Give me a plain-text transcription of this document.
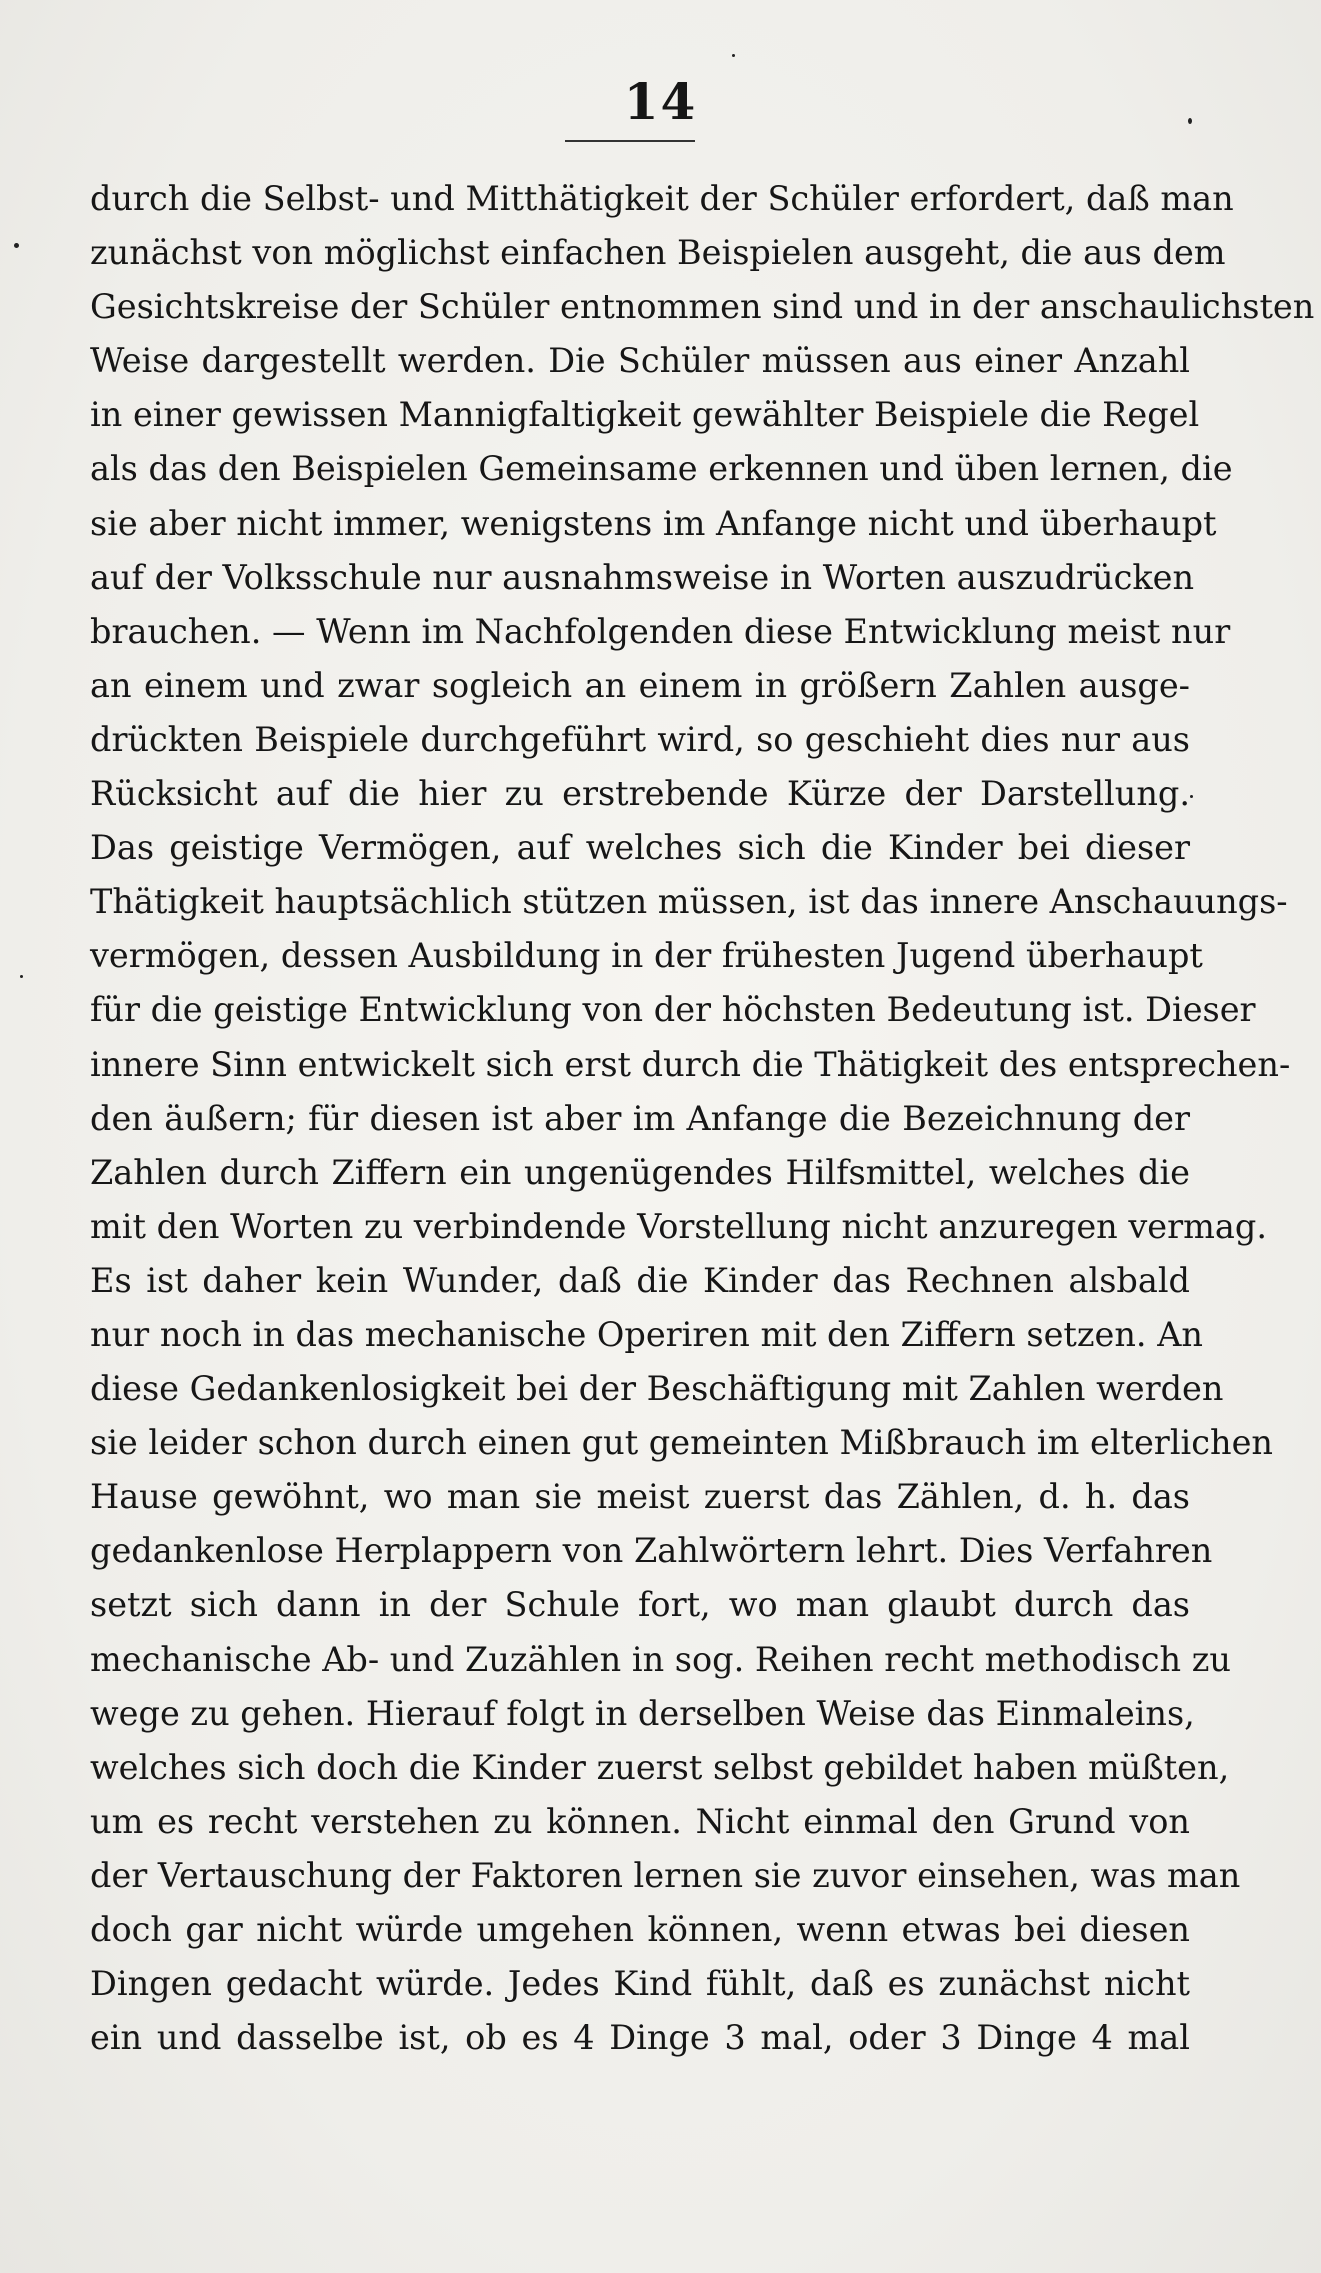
14
durch die Selbst- und Mitthätigkeit der Schüler erfordert, daß man
zunächst von möglichst einfachen Beispielen ausgeht, die aus dem
Gesichtskreise der Schüler entnommen sind und in der anschaulichsten
Weise dargestellt werden. Die Schüler müssen aus einer Anzahl
in einer gewissen Mannigfaltigkeit gewählter Beispiele die Regel
als das den Beispielen Gemeinsame erkennen und üben lernen, die
sie aber nicht immer, wenigstens im Anfange nicht und überhaupt
auf der Volksschule nur ausnahmsweise in Worten auszudrücken
brauchen. — Wenn im Nachfolgenden diese Entwicklung meist nur
an einem und zwar sogleich an einem in größern Zahlen ausge-
drückten Beispiele durchgeführt wird, so geschieht dies nur aus
Rücksicht auf die hier zu erstrebende Kürze der Darstellung.
Das geistige Vermögen, auf welches sich die Kinder bei dieser
Thätigkeit hauptsächlich stützen müssen, ist das innere Anschauungs-
vermögen, dessen Ausbildung in der frühesten Jugend überhaupt
für die geistige Entwicklung von der höchsten Bedeutung ist. Dieser
innere Sinn entwickelt sich erst durch die Thätigkeit des entsprechen-
den äußern; für diesen ist aber im Anfange die Bezeichnung der
Zahlen durch Ziffern ein ungenügendes Hilfsmittel, welches die
mit den Worten zu verbindende Vorstellung nicht anzuregen vermag.
Es ist daher kein Wunder, daß die Kinder das Rechnen alsbald
nur noch in das mechanische Operiren mit den Ziffern setzen. An
diese Gedankenlosigkeit bei der Beschäftigung mit Zahlen werden
sie leider schon durch einen gut gemeinten Mißbrauch im elterlichen
Hause gewöhnt, wo man sie meist zuerst das Zählen, d. h. das
gedankenlose Herplappern von Zahlwörtern lehrt. Dies Verfahren
setzt sich dann in der Schule fort, wo man glaubt durch das
mechanische Ab- und Zuzählen in sog. Reihen recht methodisch zu
wege zu gehen. Hierauf folgt in derselben Weise das Einmaleins,
welches sich doch die Kinder zuerst selbst gebildet haben müßten,
um es recht verstehen zu können. Nicht einmal den Grund von
der Vertauschung der Faktoren lernen sie zuvor einsehen, was man
doch gar nicht würde umgehen können, wenn etwas bei diesen
Dingen gedacht würde. Jedes Kind fühlt, daß es zunächst nicht
ein und dasselbe ist, ob es 4 Dinge 3 mal, oder 3 Dinge 4 mal
